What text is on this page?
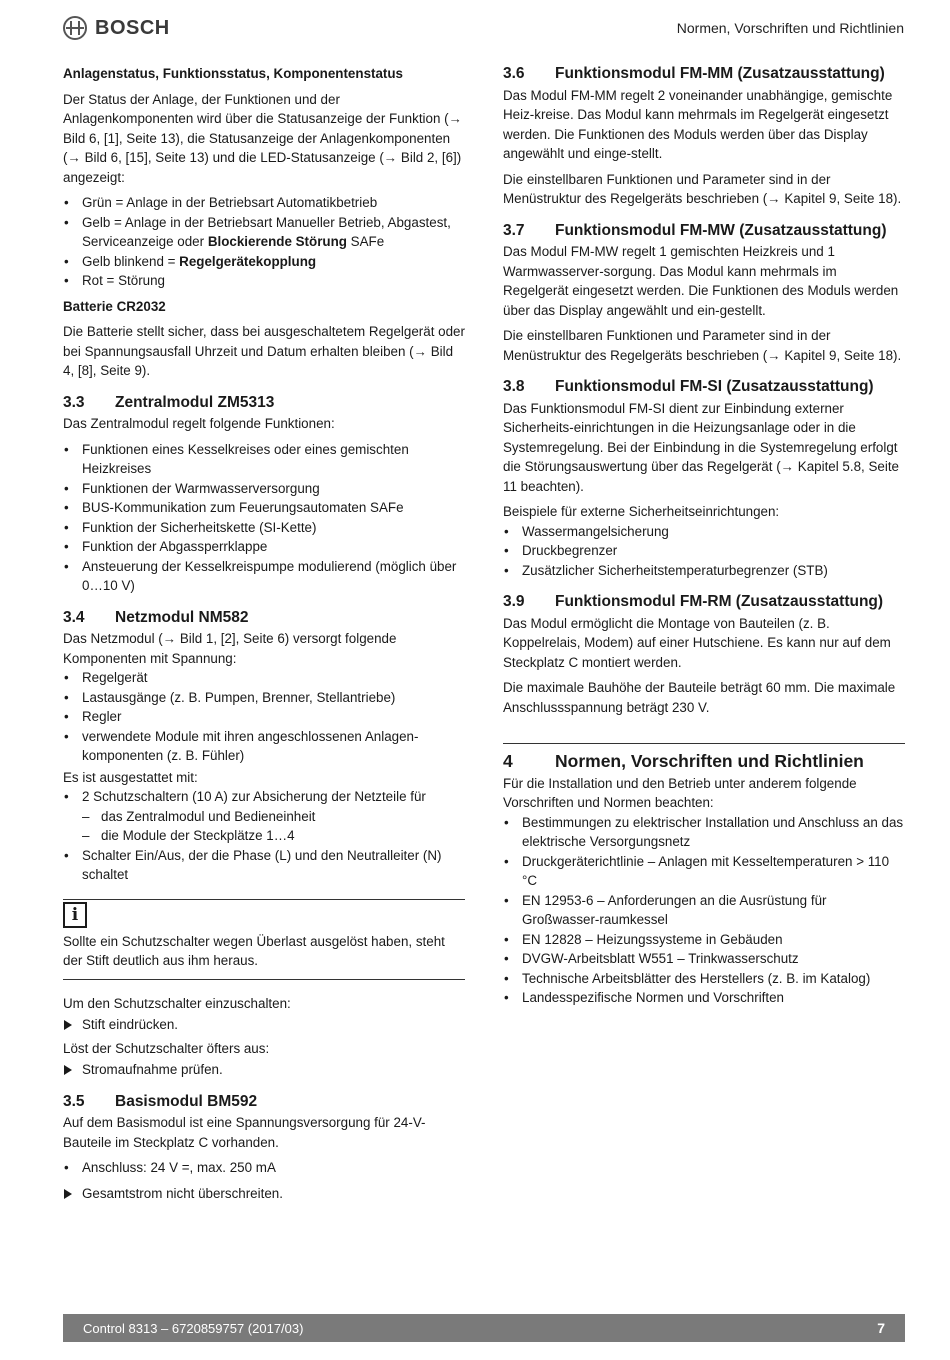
BOSCH	Normen, Vorschriften und Richtlinien
Anlagenstatus, Funktionsstatus, Komponentenstatus

Der Status der Anlage, der Funktionen und der Anlagenkomponenten wird über die Statusanzeige der Funktion (→ Bild 6, [1], Seite 13), die Statusanzeige der Anlagenkomponenten (→ Bild 6, [15], Seite 13) und die LED-Statusanzeige (→ Bild 2, [6]) angezeigt:

• Grün = Anlage in der Betriebsart Automatikbetrieb
• Gelb = Anlage in der Betriebsart Manueller Betrieb, Abgastest, Serviceanzeige oder Blockierende Störung SAFe
• Gelb blinkend = Regelgerätekopplung
• Rot = Störung
Batterie CR2032

Die Batterie stellt sicher, dass bei ausgeschaltetem Regelgerät oder bei Spannungsausfall Uhrzeit und Datum erhalten bleiben (→ Bild 4, [8], Seite 9).

3.3	Zentralmodul ZM5313

Das Zentralmodul regelt folgende Funktionen:

• Funktionen eines Kesselkreises oder eines gemischten Heizkreises
• Funktionen der Warmwasserversorgung
• BUS-Kommunikation zum Feuerungsautomaten SAFe
• Funktion der Sicherheitskette (SI-Kette)
• Funktion der Abgassperrklappe
• Ansteuerung der Kesselkreispumpe modulierend (möglich über 0…10 V)
3.4	Netzmodul NM582

Das Netzmodul (→ Bild 1, [2], Seite 6) versorgt folgende Komponenten mit Spannung:

• Regelgerät
• Lastausgänge (z. B. Pumpen, Brenner, Stellantriebe)
• Regler
• verwendete Module mit ihren angeschlossenen Anlagen-komponenten (z. B. Fühler)

Es ist ausgestattet mit:

• 2 Schutzschaltern (10 A) zur Absicherung der Netzteile für
– das Zentralmodul und Bedieneinheit
– die Module der Steckplätze 1…4
• Schalter Ein/Aus, der die Phase (L) und den Neutralleiter (N) schaltet
i
Sollte ein Schutzschalter wegen Überlast ausgelöst haben, steht der Stift deutlich aus ihm heraus.

Um den Schutzschalter einzuschalten:

Stift eindrücken.

Löst der Schutzschalter öfters aus:

Stromaufnahme prüfen.
3.5	Basismodul BM592

Auf dem Basismodul ist eine Spannungsversorgung für 24-V-Bauteile im Steckplatz C vorhanden.

• Anschluss: 24 V =, max. 250 mA
Gesamtstrom nicht überschreiten.
3.6	Funktionsmodul FM-MM (Zusatzausstattung)

Das Modul FM-MM regelt 2 voneinander unabhängige, gemischte Heiz-kreise. Das Modul kann mehrmals im Regelgerät eingesetzt werden. Die Funktionen des Moduls werden über das Display angewählt und einge-stellt.

Die einstellbaren Funktionen und Parameter sind in der Menüstruktur des Regelgeräts beschrieben (→ Kapitel 9, Seite 18).

3.7	Funktionsmodul FM-MW (Zusatzausstattung)

Das Modul FM-MW regelt 1 gemischten Heizkreis und 1 Warmwasserver-sorgung. Das Modul kann mehrmals im Regelgerät eingesetzt werden. Die Funktionen des Moduls werden über das Display angewählt und ein-gestellt.

Die einstellbaren Funktionen und Parameter sind in der Menüstruktur des Regelgeräts beschrieben (→ Kapitel 9, Seite 18).

3.8	Funktionsmodul FM-SI (Zusatzausstattung)

Das Funktionsmodul FM-SI dient zur Einbindung externer Sicherheits-einrichtungen in die Heizungsanlage oder in die Systemregelung. Bei der Einbindung in die Systemregelung erfolgt die Störungsauswertung über das Regelgerät (→ Kapitel 5.8, Seite 11 beachten).

Beispiele für externe Sicherheitseinrichtungen:

• Wassermangelsicherung
• Druckbegrenzer
• Zusätzlicher Sicherheitstemperaturbegrenzer (STB)
3.9	Funktionsmodul FM-RM (Zusatzausstattung)

Das Modul ermöglicht die Montage von Bauteilen (z. B. Koppelrelais, Modem) auf einer Hutschiene. Es kann nur auf dem Steckplatz C montiert werden.

Die maximale Bauhöhe der Bauteile beträgt 60 mm. Die maximale Anschlussspannung beträgt 230 V.

4	Normen, Vorschriften und Richtlinien

Für die Installation und den Betrieb unter anderem folgende Vorschriften und Normen beachten:

• Bestimmungen zu elektrischer Installation und Anschluss an das elektrische Versorgungsnetz
• Druckgeräterichtlinie – Anlagen mit Kesseltemperaturen > 110 °C
• EN 12953-6 – Anforderungen an die Ausrüstung für Großwasser-raumkessel
• EN 12828 – Heizungssysteme in Gebäuden
• DVGW-Arbeitsblatt W551 – Trinkwasserschutz
• Technische Arbeitsblätter des Herstellers (z. B. im Katalog)
• Landesspezifische Normen und Vorschriften
Control 8313 – 6720859757 (2017/03)	7
